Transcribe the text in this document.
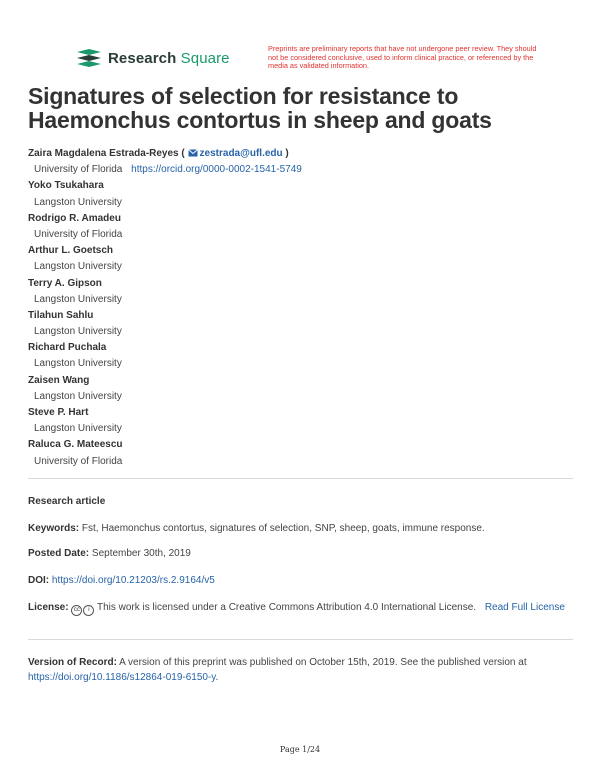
Research Square
Preprints are preliminary reports that have not undergone peer review. They should not be considered conclusive, used to inform clinical practice, or referenced by the media as validated information.
Signatures of selection for resistance to Haemonchus contortus in sheep and goats
Zaira Magdalena Estrada-Reyes ( zestrada@ufl.edu )
University of Florida https://orcid.org/0000-0002-1541-5749
Yoko Tsukahara
Langston University
Rodrigo R. Amadeu
University of Florida
Arthur L. Goetsch
Langston University
Terry A. Gipson
Langston University
Tilahun Sahlu
Langston University
Richard Puchala
Langston University
Zaisen Wang
Langston University
Steve P. Hart
Langston University
Raluca G. Mateescu
University of Florida
Research article
Keywords: Fst, Haemonchus contortus, signatures of selection, SNP, sheep, goats, immune response.
Posted Date: September 30th, 2019
DOI: https://doi.org/10.21203/rs.2.9164/v5
License: cc i This work is licensed under a Creative Commons Attribution 4.0 International License. Read Full License
Version of Record: A version of this preprint was published on October 15th, 2019. See the published version at https://doi.org/10.1186/s12864-019-6150-y.
Page 1/24
